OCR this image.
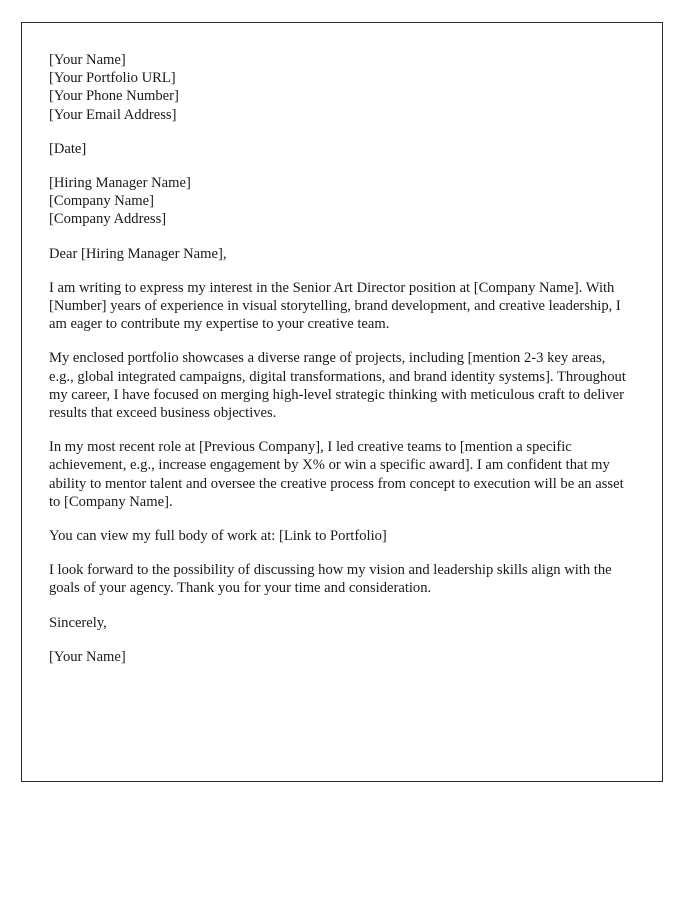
[Your Name]
[Your Portfolio URL]
[Your Phone Number]
[Your Email Address]
[Date]
[Hiring Manager Name]
[Company Name]
[Company Address]
Dear [Hiring Manager Name],

I am writing to express my interest in the Senior Art Director position at [Company Name]. With [Number] years of experience in visual storytelling, brand development, and creative leadership, I am eager to contribute my expertise to your creative team.

My enclosed portfolio showcases a diverse range of projects, including [mention 2-3 key areas, e.g., global integrated campaigns, digital transformations, and brand identity systems]. Throughout my career, I have focused on merging high-level strategic thinking with meticulous craft to deliver results that exceed business objectives.

In my most recent role at [Previous Company], I led creative teams to [mention a specific achievement, e.g., increase engagement by X% or win a specific award]. I am confident that my ability to mentor talent and oversee the creative process from concept to execution will be an asset to [Company Name].

You can view my full body of work at: [Link to Portfolio]

I look forward to the possibility of discussing how my vision and leadership skills align with the goals of your agency. Thank you for your time and consideration.

Sincerely,
[Your Name]
